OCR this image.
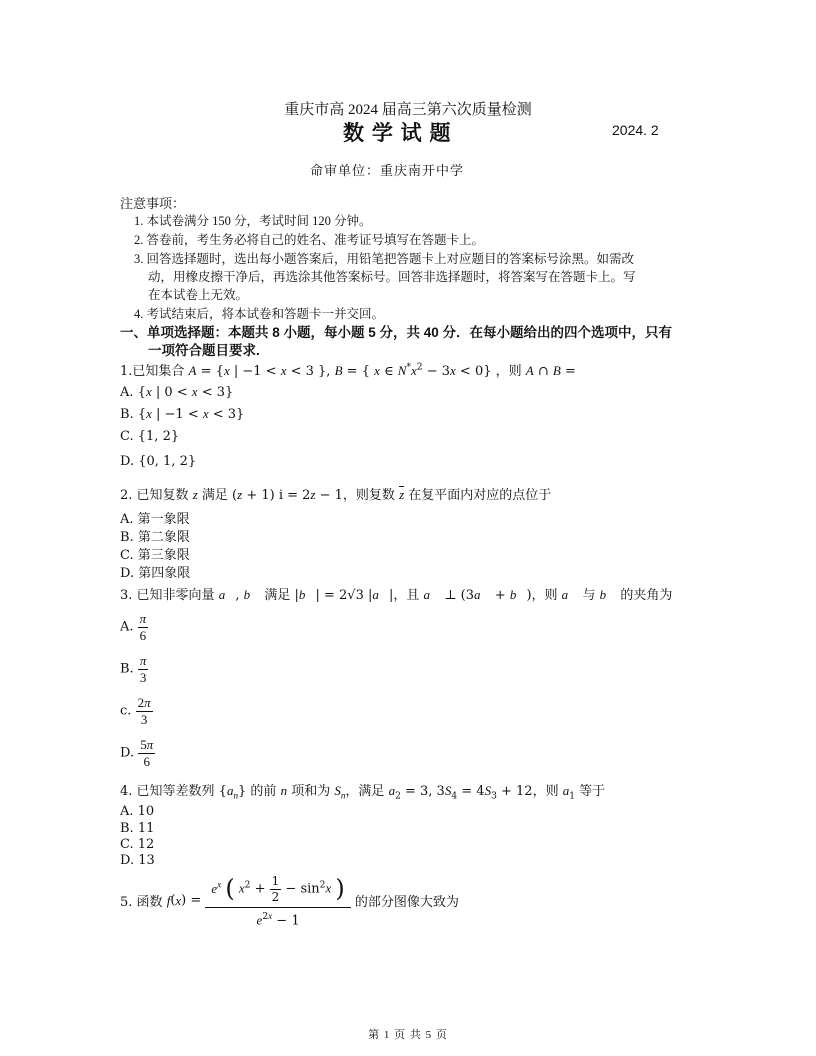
重庆市高 2024 届高三第六次质量检测
数 学 试 题	2024. 2
命审单位：重庆南开中学
注意事项：
1. 本试卷满分 150 分，考试时间 120 分钟。
2. 答卷前，考生务必将自己的姓名、准考证号填写在答题卡上。
3. 回答选择题时，选出每小题答案后，用铅笔把答题卡上对应题目的答案标号涂黑。如需改
动，用橡皮擦干净后，再选涂其他答案标号。回答非选择题时，将答案写在答题卡上。写
在本试卷上无效。
4. 考试结束后，将本试卷和答题卡一并交回。
一、单项选择题：本题共 8 小题，每小题 5 分，共 40 分．在每小题给出的四个选项中，只有
一项符合题目要求.
1.已知集合 A = {x | −1 < x < 3 }, B = { x ∈ $N^*x^2 - 3x < 0$} ，则 A ∩ B =
A. {x | 0 < x < 3}
B. {x | −1 < x < 3}
C. {1, 2}
D. {0, 1, 2}
2. 已知复数 z 满足 (z + 1) i = 2z − 1，则复数 $\overline{z}$ 在复平面内对应的点位于
A. 第一象限
B. 第二象限
C. 第三象限
D. 第四象限
3. 已知非零向量 a⃗, b⃗ 满足 |b⃗| = 2√3 |a⃗|，且 a⃗ ⊥ (3a⃗ + b⃗)，则 a⃗ 与 b⃗ 的夹角为
A. $\frac{\pi}{6}$
B. $\frac{\pi}{3}$
c. $\frac{2\pi}{3}$
D. $\frac{5\pi}{6}$
4. 已知等差数列 $\{a_n\}$ 的前 n 项和为 $S_n$，满足 $a_2 = 3$, $3S_4 = 4S_3 + 12$，则 $a_1$ 等于
A. 10
B. 11
C. 12
D. 13
5. 函数
f ( x ) = $\frac{e^x ( x^2 + \frac{1}{2} - \sin^2x )}{e^{2x} - 1}$
的部分图像大致为
第 1 页 共 5 页
